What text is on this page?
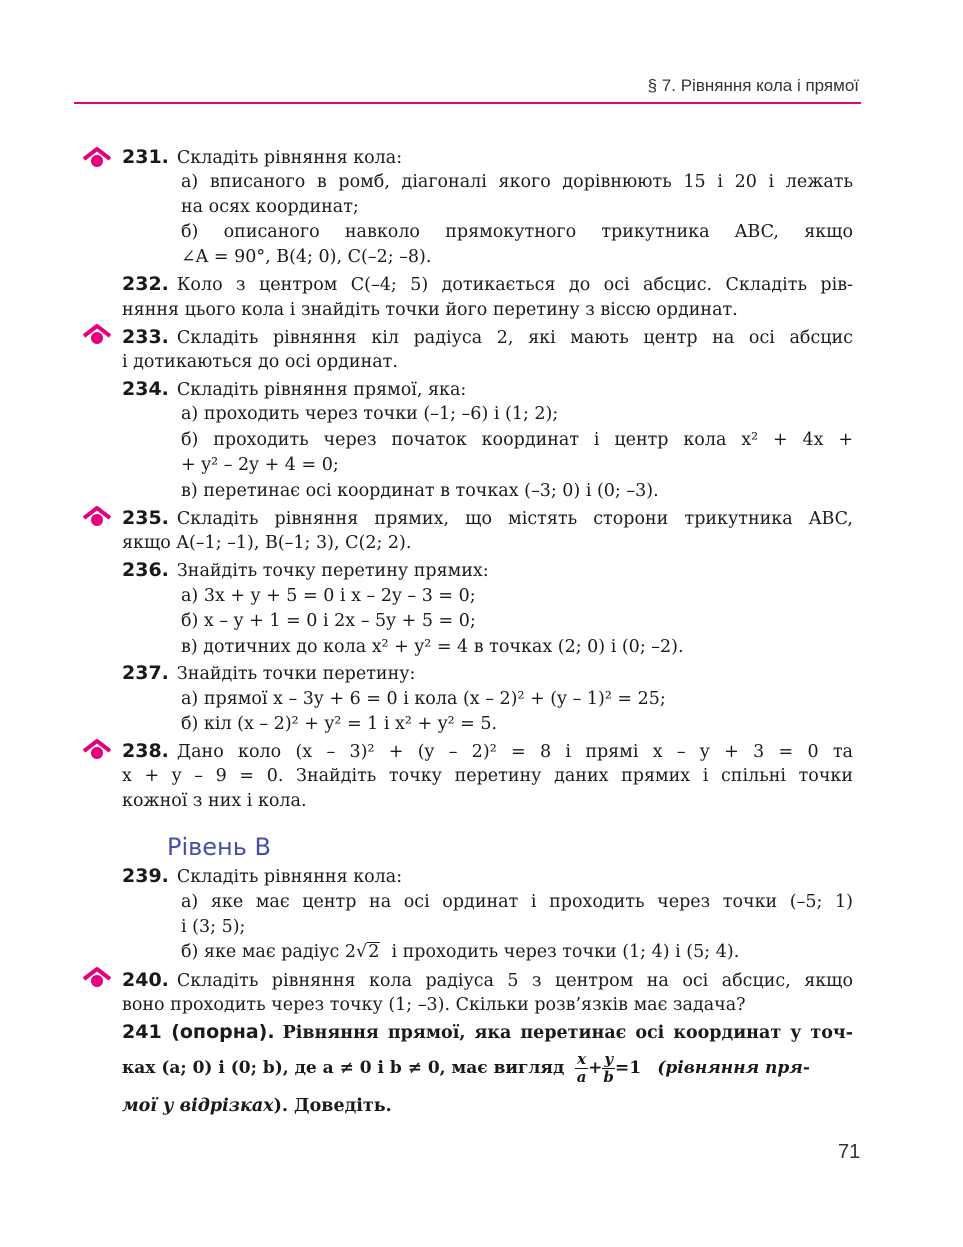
§ 7. Рівняння кола і прямої
231. Складіть рівняння кола:
а) вписаного в ромб, діагоналі якого дорівнюють 15 і 20 і лежать
на осях координат;
б) описаного навколо прямокутного трикутника ABC, якщо
∠A = 90°, B(4; 0), C(–2; –8).
232. Коло з центром C(–4; 5) дотикається до осі абсцис. Складіть рів-
няння цього кола і знайдіть точки його перетину з віссю ординат.
233. Складіть рівняння кіл радіуса 2, які мають центр на осі абсцис
і дотикаються до осі ординат.
234. Складіть рівняння прямої, яка:
а) проходить через точки (–1; –6) і (1; 2);
б) проходить через початок координат і центр кола x² + 4x +
+ y² – 2y + 4 = 0;
в) перетинає осі координат в точках (–3; 0) і (0; –3).
235. Складіть рівняння прямих, що містять сторони трикутника ABC,
якщо A(–1; –1), B(–1; 3), C(2; 2).
236. Знайдіть точку перетину прямих:
а) 3x + y + 5 = 0 і x – 2y – 3 = 0;
б) x – y + 1 = 0 і 2x – 5y + 5 = 0;
в) дотичних до кола x² + y² = 4 в точках (2; 0) і (0; –2).
237. Знайдіть точки перетину:
а) прямої x – 3y + 6 = 0 і кола (x – 2)² + (y – 1)² = 25;
б) кіл (x – 2)² + y² = 1 і x² + y² = 5.
238. Дано коло (x – 3)² + (y – 2)² = 8 і прямі x – y + 3 = 0 та
x + y – 9 = 0. Знайдіть точку перетину даних прямих і спільні точки
кожної з них і кола.
Рівень В
239. Складіть рівняння кола:
а) яке має центр на осі ординат і проходить через точки (–5; 1)
і (3; 5);
б) яке має радіус 2√2 і проходить через точки (1; 4) і (5; 4).
240. Складіть рівняння кола радіуса 5 з центром на осі абсцис, якщо
воно проходить через точку (1; –3). Скільки розв’язків має задача?
241 (опорна). Рівняння прямої, яка перетинає осі координат у точ-
ках (a; 0) і (0; b), де a ≠ 0 і b ≠ 0, має вигляд $\frac{x}{a} + \frac{y}{b} =1$ (рівняння пря-
мої у відрізках). Доведіть.
71
